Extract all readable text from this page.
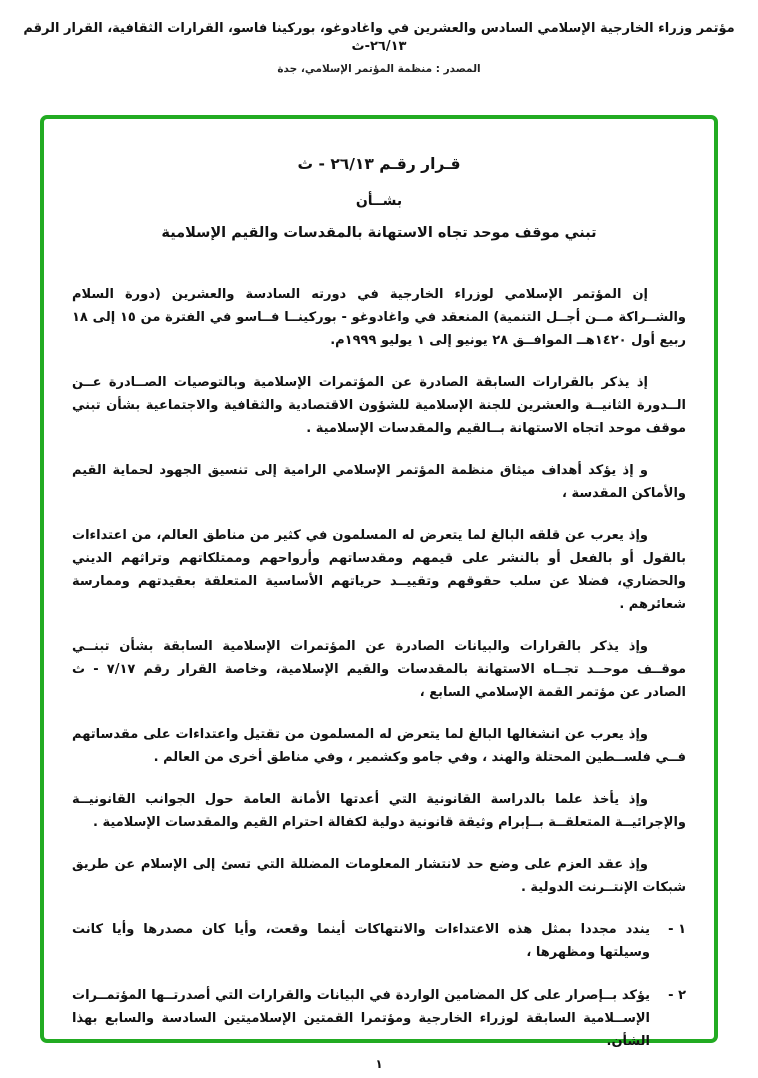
مؤتمر وزراء الخارجية الإسلامي السادس والعشرين في واغادوغو، بوركينا فاسو، القرارات الثقافية، القرار الرقم ٢٦/١٣-ث
المصدر : منظمة المؤتمر الإسلامي، جدة
قـرار رقـم ٢٦/١٣ - ث
بشــأن
تبني موقف موحد تجاه الاستهانة بالمقدسات والقيم الإسلامية

إن المؤتمر الإسلامي لوزراء الخارجية في دورته السادسة والعشرين (دورة السلام والشــراكة مــن أجــل التنمية) المنعقد في واغادوغو - بوركينــا فــاسو في الفترة من ١٥ إلى ١٨ ربيع أول ١٤٢٠هــ الموافــق ٢٨ يونيو إلى ١ يوليو ١٩٩٩م.

إذ يذكر بالقرارات السابقة الصادرة عن المؤتمرات الإسلامية وبالتوصيات الصــادرة عــن الــدورة الثانيــة والعشرين للجنة الإسلامية للشؤون الاقتصادية والثقافية والاجتماعية بشأن تبني موقف موحد اتجاه الاستهانة بــالقيم والمقدسات الإسلامية .

و إذ يؤكد أهداف ميثاق منظمة المؤتمر الإسلامي الرامية إلى تنسيق الجهود لحماية القيم والأماكن المقدسة ،

وإذ يعرب عن قلقه البالغ لما يتعرض له المسلمون في كثير من مناطق العالم، من اعتداءات بالقول أو بالفعل أو بالنشر على قيمهم ومقدساتهم وأرواحهم وممتلكاتهم وتراثهم الديني والحضاري، فضلا عن سلب حقوقهم وتقييــد حرياتهم الأساسية المتعلقة بعقيدتهم وممارسة شعائرهم .

وإذ يذكر بالقرارات والبيانات الصادرة عن المؤتمرات الإسلامية السابقة بشأن تبنــي موقــف موحــد تجــاه الاستهانة بالمقدسات والقيم الإسلامية، وخاصة القرار رقم ٧/١٧ - ث الصادر عن مؤتمر القمة الإسلامي السابع ،

وإذ يعرب عن انشغالها البالغ لما يتعرض له المسلمون من تقتيل واعتداءات على مقدساتهم فــي فلســطين المحتلة والهند ، وفي جامو وكشمير ، وفي مناطق أخرى من العالم .

وإذ يأخذ علما بالدراسة القانونية التي أعدتها الأمانة العامة حول الجوانب القانونيــة والإجرائيــة المتعلقــة بــإبرام وثيقة قانونية دولية لكفالة احترام القيم والمقدسات الإسلامية .

وإذ عقد العزم على وضع حد لانتشار المعلومات المضللة التي تسئ إلى الإسلام عن طريق شبكات الإنتــرنت الدولية .

١ -
يندد مجددا بمثل هذه الاعتداءات والانتهاكات أينما وقعت، وأيا كان مصدرها وأيا كانت وسيلتها ومظهرها ،
٢ -
يؤكد بــإصرار على كل المضامين الواردة في البيانات والقرارات التي أصدرتــها المؤتمــرات الإســلامية السابقة لوزراء الخارجية ومؤتمرا القمتين الإسلاميتين السادسة والسابع بهذا الشأن.
١
